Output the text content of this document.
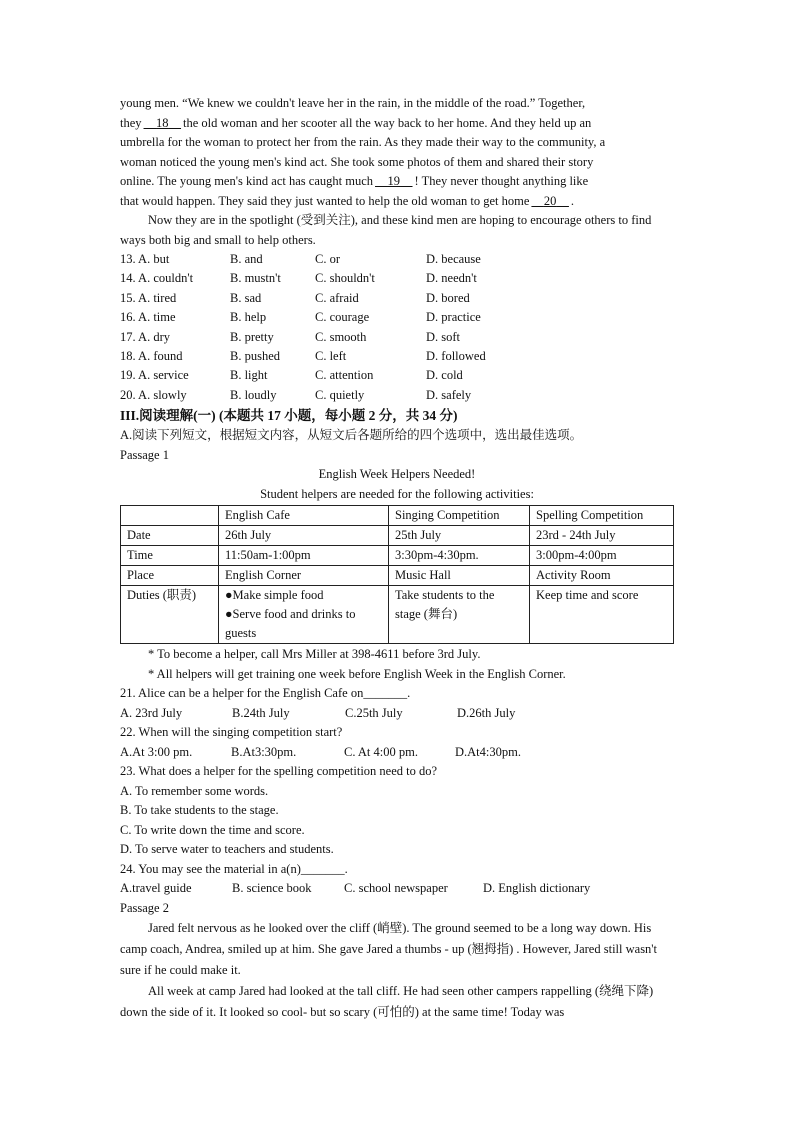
young men. “We knew we couldn't leave her in the rain, in the middle of the road.” Together,
they 18 the old woman and her scooter all the way back to her home. And they held up an
umbrella for the woman to protect her from the rain. As they made their way to the community, a
woman noticed the young men's kind act. She took some photos of them and shared their story
online. The young men's kind act has caught much 19 ! They never thought anything like
that would happen. They said they just wanted to help the old woman to get home 20 .
Now they are in the spotlight (受到关注), and these kind men are hoping to encourage others to find ways both big and small to help others.
13. A. but	B. and	C. or	D. because
14. A. couldn't	B. mustn't	C. shouldn't	D. needn't
15. A. tired	B. sad	C. afraid	D. bored
16. A. time	B. help	C. courage	D. practice
17. A. dry	B. pretty	C. smooth	D. soft
18. A. found	B. pushed	C. left	D. followed
19. A. service	B. light	C. attention	D. cold
20. A. slowly	B. loudly	C. quietly	D. safely
III.阅读理解(一) (本题共 17 小题，每小题 2 分，共 34 分)
A.阅读下列短文，根据短文内容，从短文后各题所给的四个选项中，选出最佳选项。
Passage 1
English Week Helpers Needed!
Student helpers are needed for the following activities:
	English Cafe	Singing Competition	Spelling Competition
Date	26th July	25th July	23rd - 24th July
Time	11:50am-1:00pm	3:30pm-4:30pm.	3:00pm-4:00pm
Place	English Corner	Music Hall	Activity Room
Duties (职责)	●Make simple food
●Serve food and drinks to guests	Take students to the stage (舞台)	Keep time and score
* To become a helper, call Mrs Miller at 398-4611 before 3rd July.
* All helpers will get training one week before English Week in the English Corner.
21. Alice can be a helper for the English Cafe on_______.
A. 23rd July	B.24th July	C.25th July	D.26th July
22. When will the singing competition start?
A.At 3:00 pm.	B.At3:30pm.	C. At 4:00 pm.	D.At4:30pm.
23. What does a helper for the spelling competition need to do?
A. To remember some words.
B. To take students to the stage.
C. To write down the time and score.
D. To serve water to teachers and students.
24. You may see the material in a(n)_______.
A.travel guide	B. science book	C. school newspaper	D. English dictionary
Passage 2
Jared felt nervous as he looked over the cliff (峭壁). The ground seemed to be a long way down. His camp coach, Andrea, smiled up at him. She gave Jared a thumbs - up (翘拇指) . However, Jared still wasn't sure if he could make it.
All week at camp Jared had looked at the tall cliff. He had seen other campers rappelling (绕绳下降) down the side of it. It looked so cool- but so scary (可怕的) at the same time! Today was
